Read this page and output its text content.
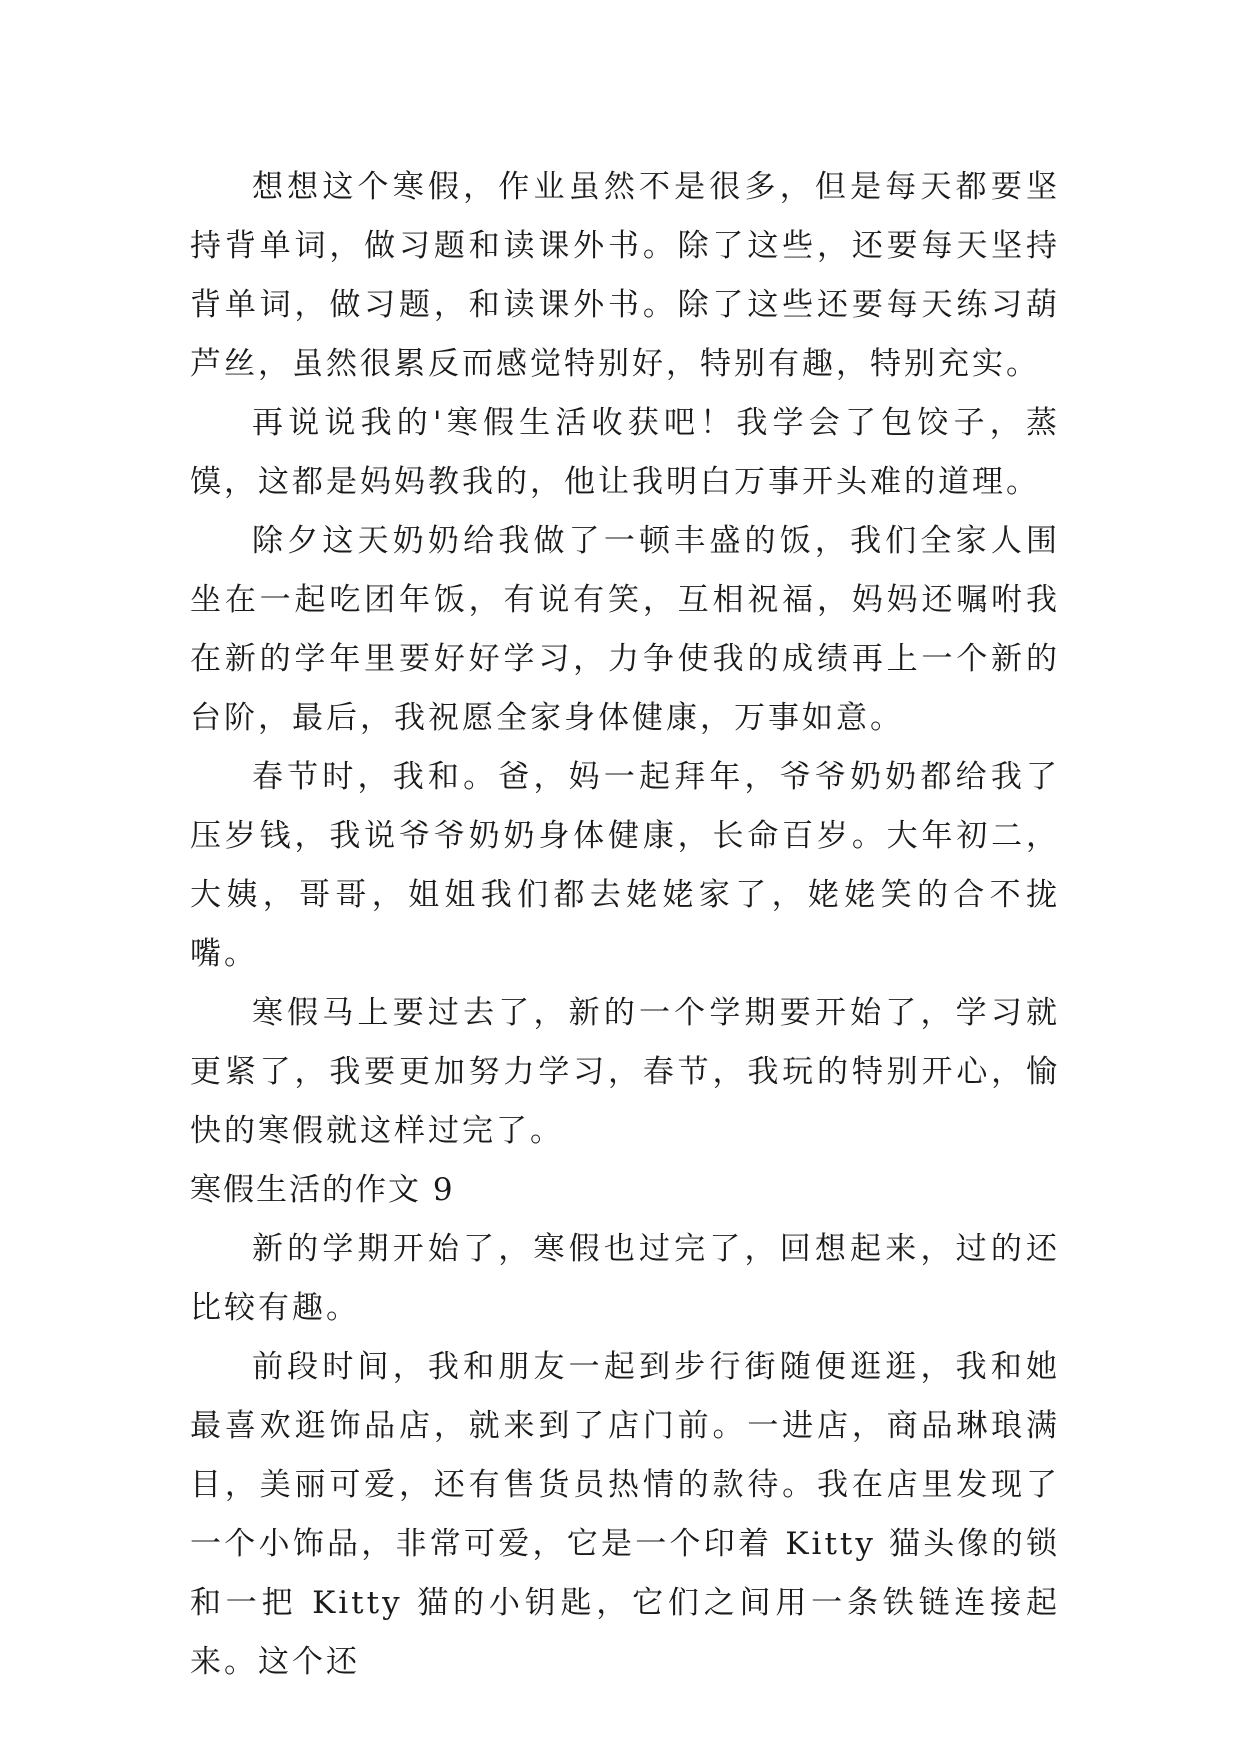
想想这个寒假，作业虽然不是很多，但是每天都要坚持背单词，做习题和读课外书。除了这些，还要每天坚持背单词，做习题，和读课外书。除了这些还要每天练习葫芦丝，虽然很累反而感觉特别好，特别有趣，特别充实。

再说说我的'寒假生活收获吧！我学会了包饺子，蒸馍，这都是妈妈教我的，他让我明白万事开头难的道理。

除夕这天奶奶给我做了一顿丰盛的饭，我们全家人围坐在一起吃团年饭，有说有笑，互相祝福，妈妈还嘱咐我在新的学年里要好好学习，力争使我的成绩再上一个新的台阶，最后，我祝愿全家身体健康，万事如意。

春节时，我和。爸，妈一起拜年，爷爷奶奶都给我了压岁钱，我说爷爷奶奶身体健康，长命百岁。大年初二，大姨，哥哥，姐姐我们都去姥姥家了，姥姥笑的合不拢嘴。

寒假马上要过去了，新的一个学期要开始了，学习就更紧了，我要更加努力学习，春节，我玩的特别开心，愉快的寒假就这样过完了。

寒假生活的作文 9

新的学期开始了，寒假也过完了，回想起来，过的还比较有趣。

前段时间，我和朋友一起到步行街随便逛逛，我和她最喜欢逛饰品店，就来到了店门前。一进店，商品琳琅满目，美丽可爱，还有售货员热情的款待。我在店里发现了一个小饰品，非常可爱，它是一个印着 Kitty 猫头像的锁和一把 Kitty 猫的小钥匙，它们之间用一条铁链连接起来。这个还
